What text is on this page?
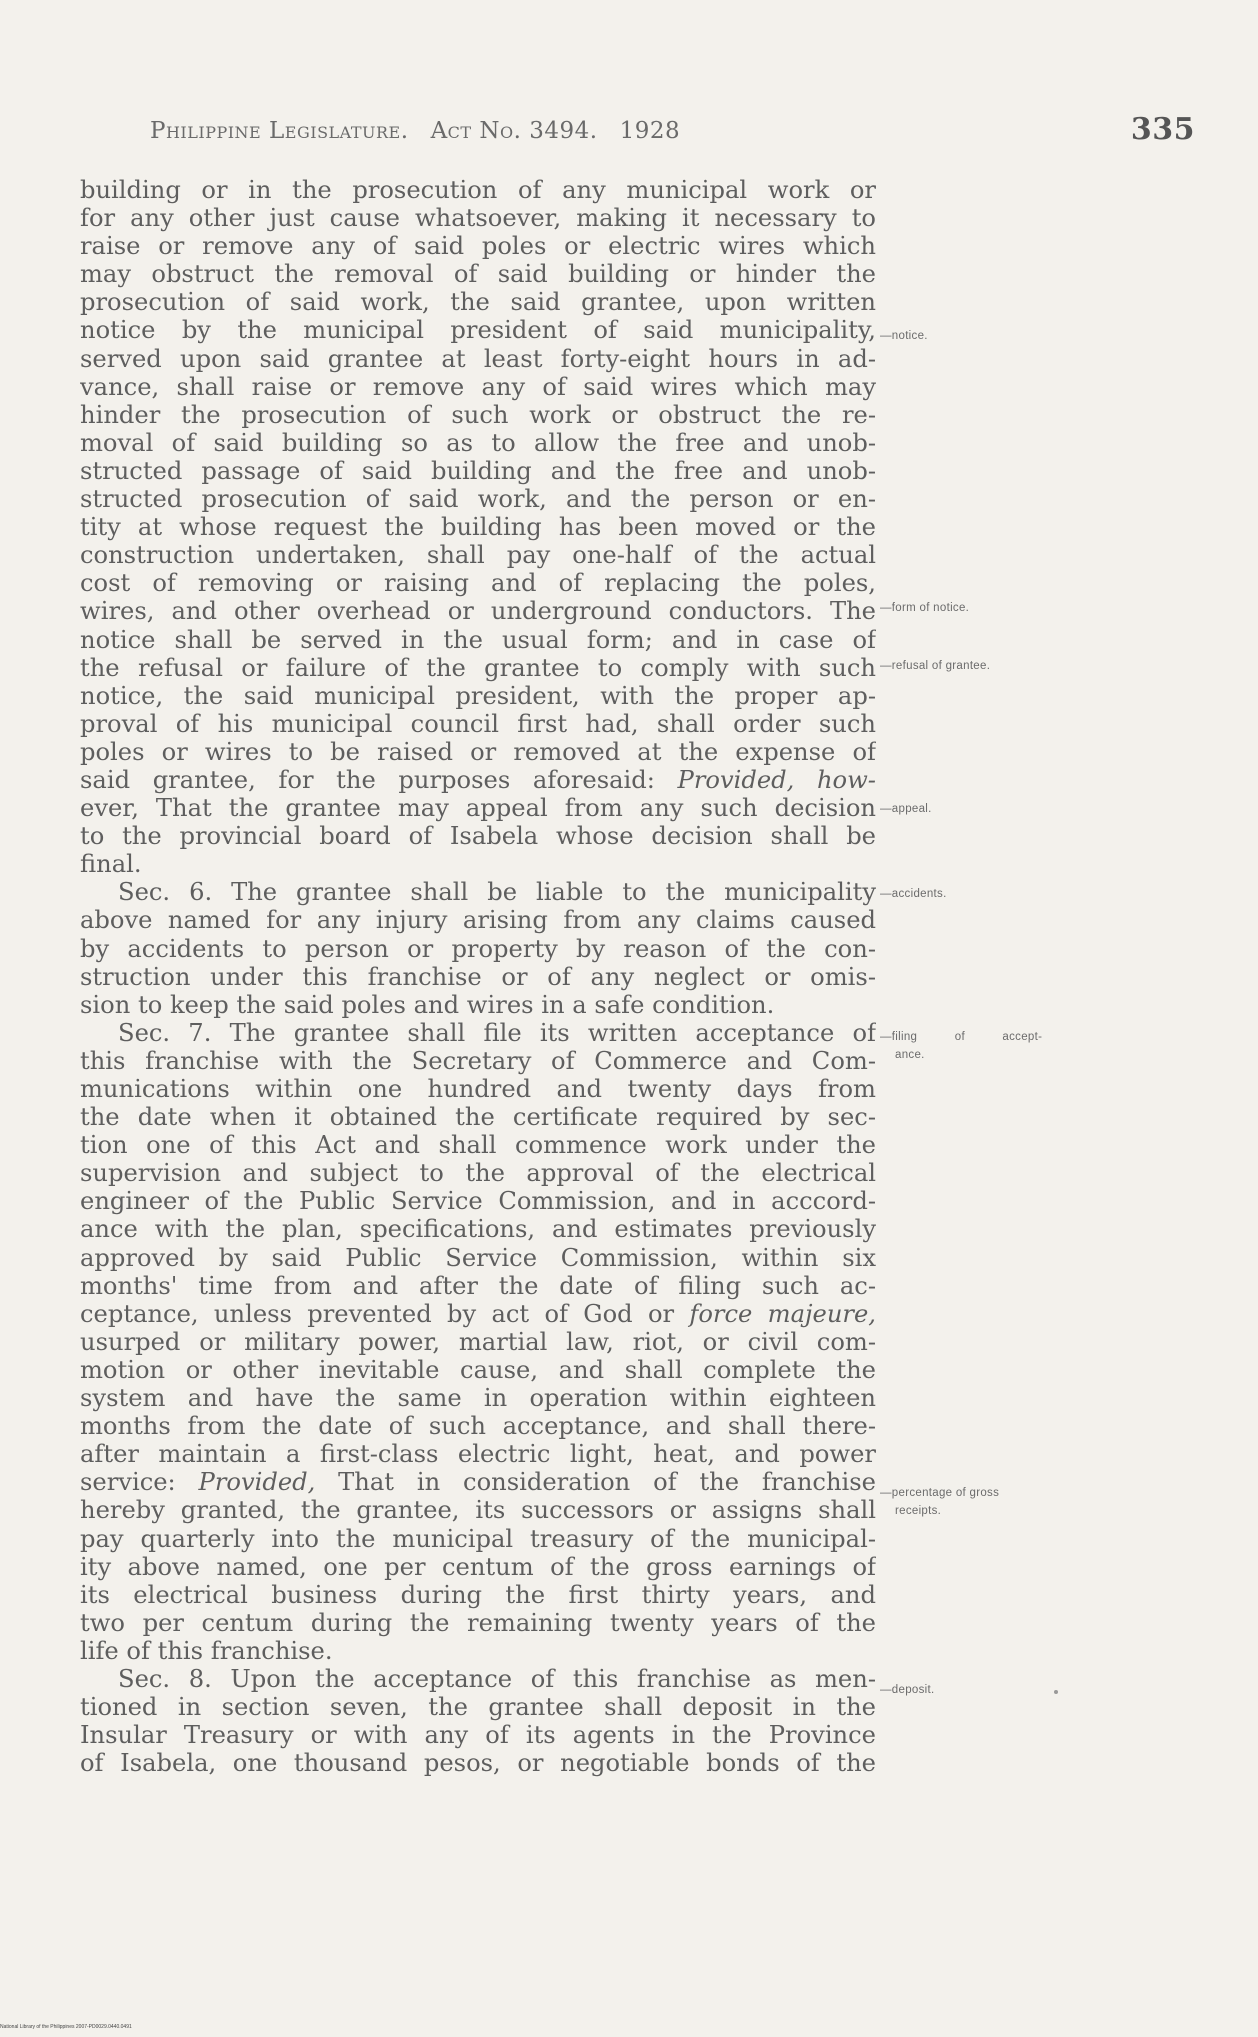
Philippine Legislature. Act No. 3494. 1928	335
building or in the prosecution of any municipal work or
for any other just cause whatsoever, making it necessary to
raise or remove any of said poles or electric wires which
may obstruct the removal of said building or hinder the
prosecution of said work, the said grantee, upon written
notice by the municipal president of said municipality,
served upon said grantee at least forty-eight hours in ad-
vance, shall raise or remove any of said wires which may
hinder the prosecution of such work or obstruct the re-
moval of said building so as to allow the free and unob-
structed passage of said building and the free and unob-
structed prosecution of said work, and the person or en-
tity at whose request the building has been moved or the
construction undertaken, shall pay one-half of the actual
cost of removing or raising and of replacing the poles,
wires, and other overhead or underground conductors. The
notice shall be served in the usual form; and in case of
the refusal or failure of the grantee to comply with such
notice, the said municipal president, with the proper ap-
proval of his municipal council first had, shall order such
poles or wires to be raised or removed at the expense of
said grantee, for the purposes aforesaid: Provided, how-
ever, That the grantee may appeal from any such decision
to the provincial board of Isabela whose decision shall be
final.
Sec. 6. The grantee shall be liable to the municipality
above named for any injury arising from any claims caused
by accidents to person or property by reason of the con-
struction under this franchise or of any neglect or omis-
sion to keep the said poles and wires in a safe condition.
Sec. 7. The grantee shall file its written acceptance of
this franchise with the Secretary of Commerce and Com-
munications within one hundred and twenty days from
the date when it obtained the certificate required by sec-
tion one of this Act and shall commence work under the
supervision and subject to the approval of the electrical
engineer of the Public Service Commission, and in acccord-
ance with the plan, specifications, and estimates previously
approved by said Public Service Commission, within six
months' time from and after the date of filing such ac-
ceptance, unless prevented by act of God or force majeure,
usurped or military power, martial law, riot, or civil com-
motion or other inevitable cause, and shall complete the
system and have the same in operation within eighteen
months from the date of such acceptance, and shall there-
after maintain a first-class electric light, heat, and power
service: Provided, That in consideration of the franchise
hereby granted, the grantee, its successors or assigns shall
pay quarterly into the municipal treasury of the municipal-
ity above named, one per centum of the gross earnings of
its electrical business during the first thirty years, and
two per centum during the remaining twenty years of the
life of this franchise.
Sec. 8. Upon the acceptance of this franchise as men-
tioned in section seven, the grantee shall deposit in the
Insular Treasury or with any of its agents in the Province
of Isabela, one thousand pesos, or negotiable bonds of the
—notice.
—form of notice.
—refusal of grantee.
—appeal.
—accidents.
—filing of accept-
ance.
—percentage of gross
receipts.
—deposit.
National Library of the Philippines 2007-PD0029.0440.0491
